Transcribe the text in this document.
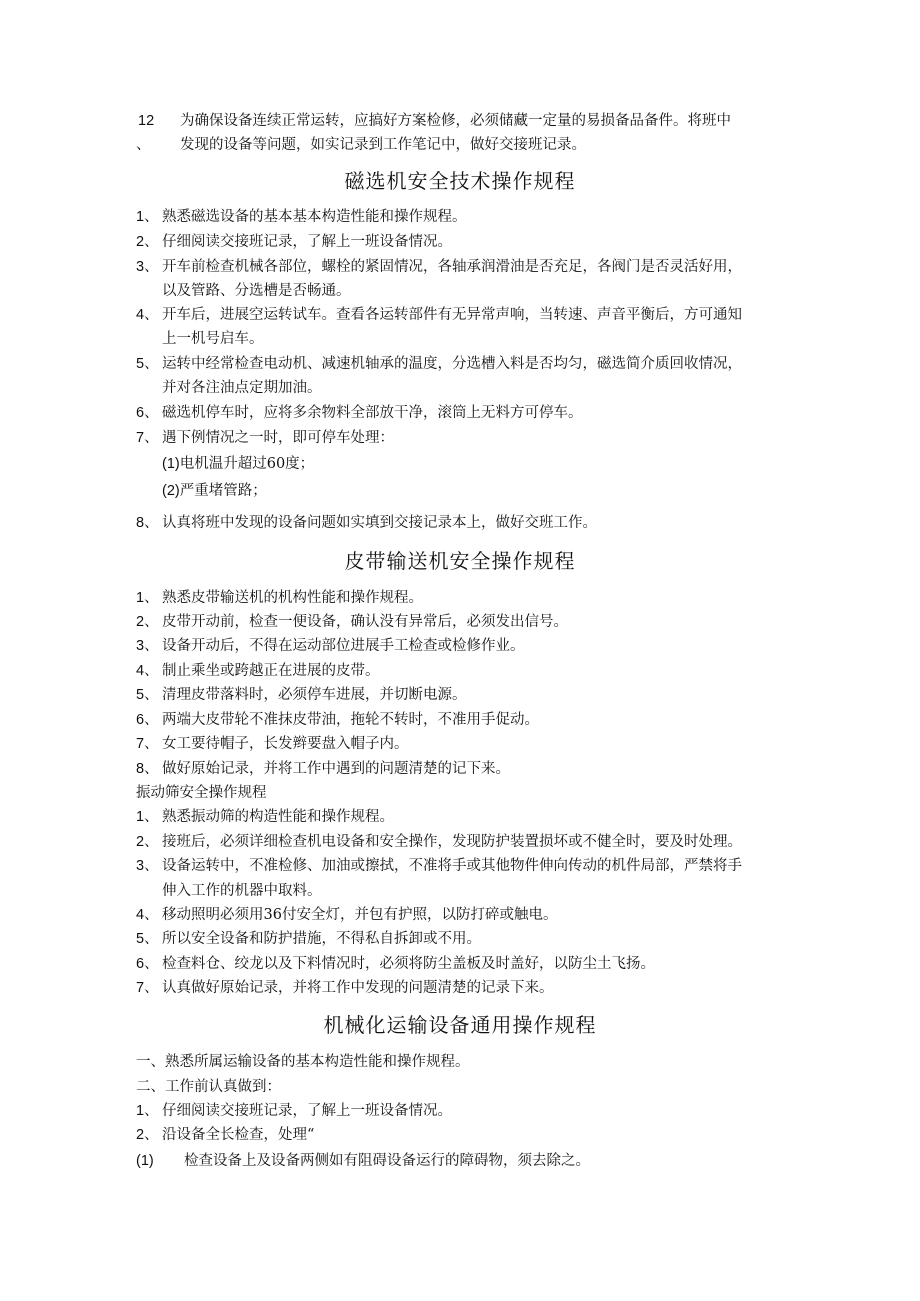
12 为确保设备连续正常运转，应搞好方案检修，必须储藏一定量的易损备品备件。将班中
、 发现的设备等问题，如实记录到工作笔记中，做好交接班记录。
磁选机安全技术操作规程
1、 熟悉磁选设备的基本基本构造性能和操作规程。
2、 仔细阅读交接班记录，了解上一班设备情况。
3、 开车前检查机械各部位，螺栓的紧固情况，各轴承润滑油是否充足，各阀门是否灵活好用，
以及管路、分选槽是否畅通。
4、 开车后，进展空运转试车。查看各运转部件有无异常声响，当转速、声音平衡后，方可通知
上一机号启车。
5、 运转中经常检查电动机、减速机轴承的温度，分选槽入料是否均匀，磁选简介质回收情况，
并对各注油点定期加油。
6、 磁选机停车时，应将多余物料全部放干净，滚筒上无料方可停车。
7、 遇下例情况之一时，即可停车处理：
(1)电机温升超过60度；
(2)严重堵管路；
8、 认真将班中发现的设备问题如实填到交接记录本上，做好交班工作。
皮带输送机安全操作规程
1、 熟悉皮带输送机的机构性能和操作规程。
2、 皮带开动前，检查一便设备，确认没有异常后，必须发出信号。
3、 设备开动后，不得在运动部位进展手工检查或检修作业。
4、 制止乘坐或跨越正在进展的皮带。
5、 清理皮带落料时，必须停车进展，并切断电源。
6、 两端大皮带轮不准抹皮带油，拖轮不转时，不准用手促动。
7、 女工要待帽子，长发辫要盘入帽子内。
8、 做好原始记录，并将工作中遇到的问题清楚的记下来。
振动筛安全操作规程
1、 熟悉振动筛的构造性能和操作规程。
2、 接班后，必须详细检查机电设备和安全操作，发现防护装置损坏或不健全时，要及时处理。
3、 设备运转中，不准检修、加油或擦拭，不准将手或其他物件伸向传动的机件局部，严禁将手
伸入工作的机器中取料。
4、 移动照明必须用36付安全灯，并包有护照，以防打碎或触电。
5、 所以安全设备和防护措施，不得私自拆卸或不用。
6、 检查料仓、绞龙以及下料情况时，必须将防尘盖板及时盖好，以防尘土飞扬。
7、 认真做好原始记录，并将工作中发现的问题清楚的记录下来。
机械化运输设备通用操作规程
一、熟悉所属运输设备的基本构造性能和操作规程。
二、工作前认真做到：
1、 仔细阅读交接班记录，了解上一班设备情况。
2、 沿设备全长检查，处理“
(1) 检查设备上及设备两侧如有阻碍设备运行的障碍物，须去除之。
